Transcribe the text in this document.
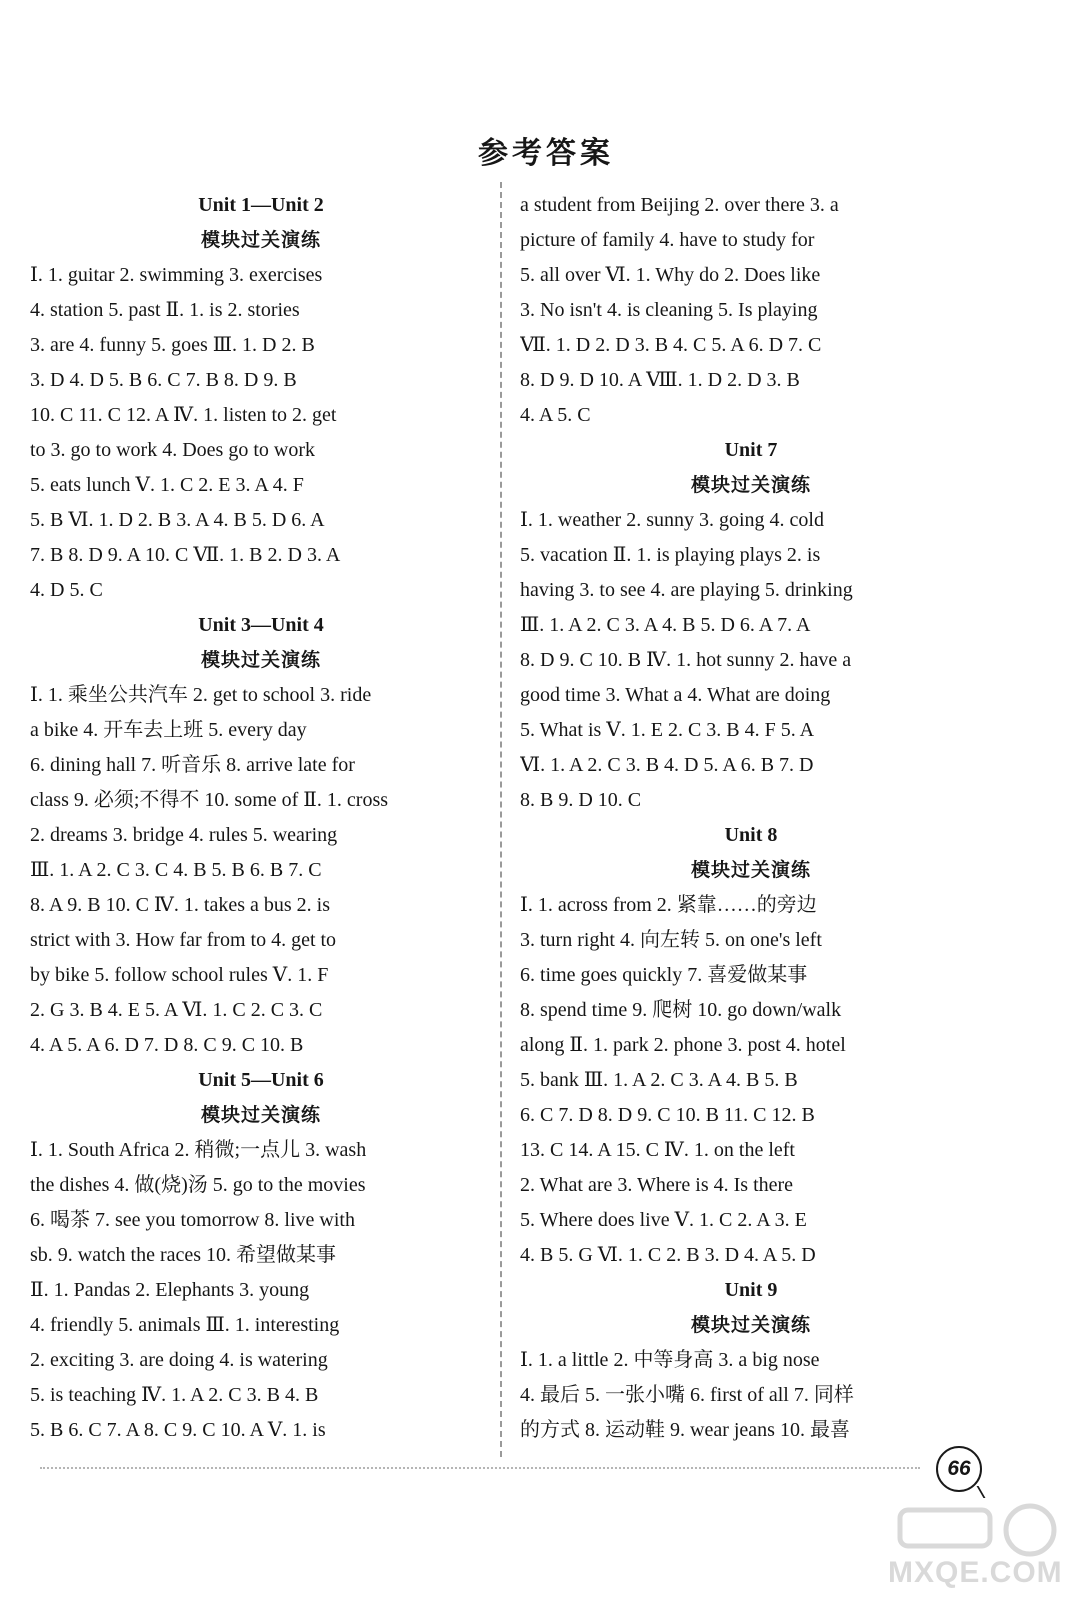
参考答案
Unit 1—Unit 2
模块过关演练
Ⅰ. 1. guitar 2. swimming 3. exercises
4. station 5. past Ⅱ. 1. is 2. stories
3. are 4. funny 5. goes Ⅲ. 1. D 2. B
3. D 4. D 5. B 6. C 7. B 8. D 9. B
10. C 11. C 12. A Ⅳ. 1. listen to 2. get
to 3. go to work 4. Does go to work
5. eats lunch Ⅴ. 1. C 2. E 3. A 4. F
5. B Ⅵ. 1. D 2. B 3. A 4. B 5. D 6. A
7. B 8. D 9. A 10. C Ⅶ. 1. B 2. D 3. A
4. D 5. C
Unit 3—Unit 4
模块过关演练
Ⅰ. 1. 乘坐公共汽车 2. get to school 3. ride
a bike 4. 开车去上班 5. every day
6. dining hall 7. 听音乐 8. arrive late for
class 9. 必须;不得不 10. some of Ⅱ. 1. cross
2. dreams 3. bridge 4. rules 5. wearing
Ⅲ. 1. A 2. C 3. C 4. B 5. B 6. B 7. C
8. A 9. B 10. C Ⅳ. 1. takes a bus 2. is
strict with 3. How far from to 4. get to
by bike 5. follow school rules Ⅴ. 1. F
2. G 3. B 4. E 5. A Ⅵ. 1. C 2. C 3. C
4. A 5. A 6. D 7. D 8. C 9. C 10. B
Unit 5—Unit 6
模块过关演练
Ⅰ. 1. South Africa 2. 稍微;一点儿 3. wash
the dishes 4. 做(烧)汤 5. go to the movies
6. 喝茶 7. see you tomorrow 8. live with
sb. 9. watch the races 10. 希望做某事
Ⅱ. 1. Pandas 2. Elephants 3. young
4. friendly 5. animals Ⅲ. 1. interesting
2. exciting 3. are doing 4. is watering
5. is teaching Ⅳ. 1. A 2. C 3. B 4. B
5. B 6. C 7. A 8. C 9. C 10. A Ⅴ. 1. is
a student from Beijing 2. over there 3. a
picture of family 4. have to study for
5. all over Ⅵ. 1. Why do 2. Does like
3. No isn't 4. is cleaning 5. Is playing
Ⅶ. 1. D 2. D 3. B 4. C 5. A 6. D 7. C
8. D 9. D 10. A Ⅷ. 1. D 2. D 3. B
4. A 5. C
Unit 7
模块过关演练
Ⅰ. 1. weather 2. sunny 3. going 4. cold
5. vacation Ⅱ. 1. is playing plays 2. is
having 3. to see 4. are playing 5. drinking
Ⅲ. 1. A 2. C 3. A 4. B 5. D 6. A 7. A
8. D 9. C 10. B Ⅳ. 1. hot sunny 2. have a
good time 3. What a 4. What are doing
5. What is Ⅴ. 1. E 2. C 3. B 4. F 5. A
Ⅵ. 1. A 2. C 3. B 4. D 5. A 6. B 7. D
8. B 9. D 10. C
Unit 8
模块过关演练
Ⅰ. 1. across from 2. 紧靠……的旁边
3. turn right 4. 向左转 5. on one's left
6. time goes quickly 7. 喜爱做某事
8. spend time 9. 爬树 10. go down/walk
along Ⅱ. 1. park 2. phone 3. post 4. hotel
5. bank Ⅲ. 1. A 2. C 3. A 4. B 5. B
6. C 7. D 8. D 9. C 10. B 11. C 12. B
13. C 14. A 15. C Ⅳ. 1. on the left
2. What are 3. Where is 4. Is there
5. Where does live Ⅴ. 1. C 2. A 3. E
4. B 5. G Ⅵ. 1. C 2. B 3. D 4. A 5. D
Unit 9
模块过关演练
Ⅰ. 1. a little 2. 中等身高 3. a big nose
4. 最后 5. 一张小嘴 6. first of all 7. 同样
的方式 8. 运动鞋 9. wear jeans 10. 最喜
66
MXQE.COM
